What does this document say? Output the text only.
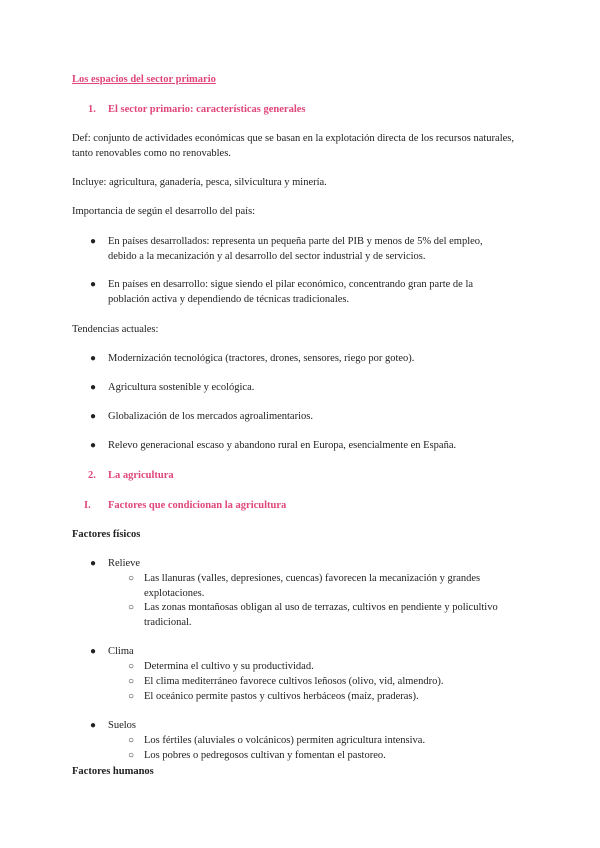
Los espacios del sector primario
1. El sector primario: características generales
Def: conjunto de actividades económicas que se basan en la explotación directa de los recursos naturales, tanto renovables como no renovables.
Incluye: agricultura, ganadería, pesca, silvicultura y minería.
Importancia de según el desarrollo del país:
● En países desarrollados: representa un pequeña parte del PIB y menos de 5% del empleo, debido a la mecanización y al desarrollo del sector industrial y de servicios.
● En países en desarrollo: sigue siendo el pilar económico, concentrando gran parte de la población activa y dependiendo de técnicas tradicionales.
Tendencias actuales:
● Modernización tecnológica (tractores, drones, sensores, riego por goteo).
● Agricultura sostenible y ecológica.
● Globalización de los mercados agroalimentarios.
● Relevo generacional escaso y abandono rural en Europa, esencialmente en España.
2. La agricultura
I. Factores que condicionan la agricultura
Factores físicos
● Relieve
○ Las llanuras (valles, depresiones, cuencas) favorecen la mecanización y grandes explotaciones.
○ Las zonas montañosas obligan al uso de terrazas, cultivos en pendiente y policultivo tradicional.
● Clima
○ Determina el cultivo y su productividad.
○ El clima mediterráneo favorece cultivos leñosos (olivo, vid, almendro).
○ El oceánico permite pastos y cultivos herbáceos (maíz, praderas).
● Suelos
○ Los fértiles (aluviales o volcánicos) permiten agricultura intensiva.
○ Los pobres o pedregosos cultivan y fomentan el pastoreo.
Factores humanos
